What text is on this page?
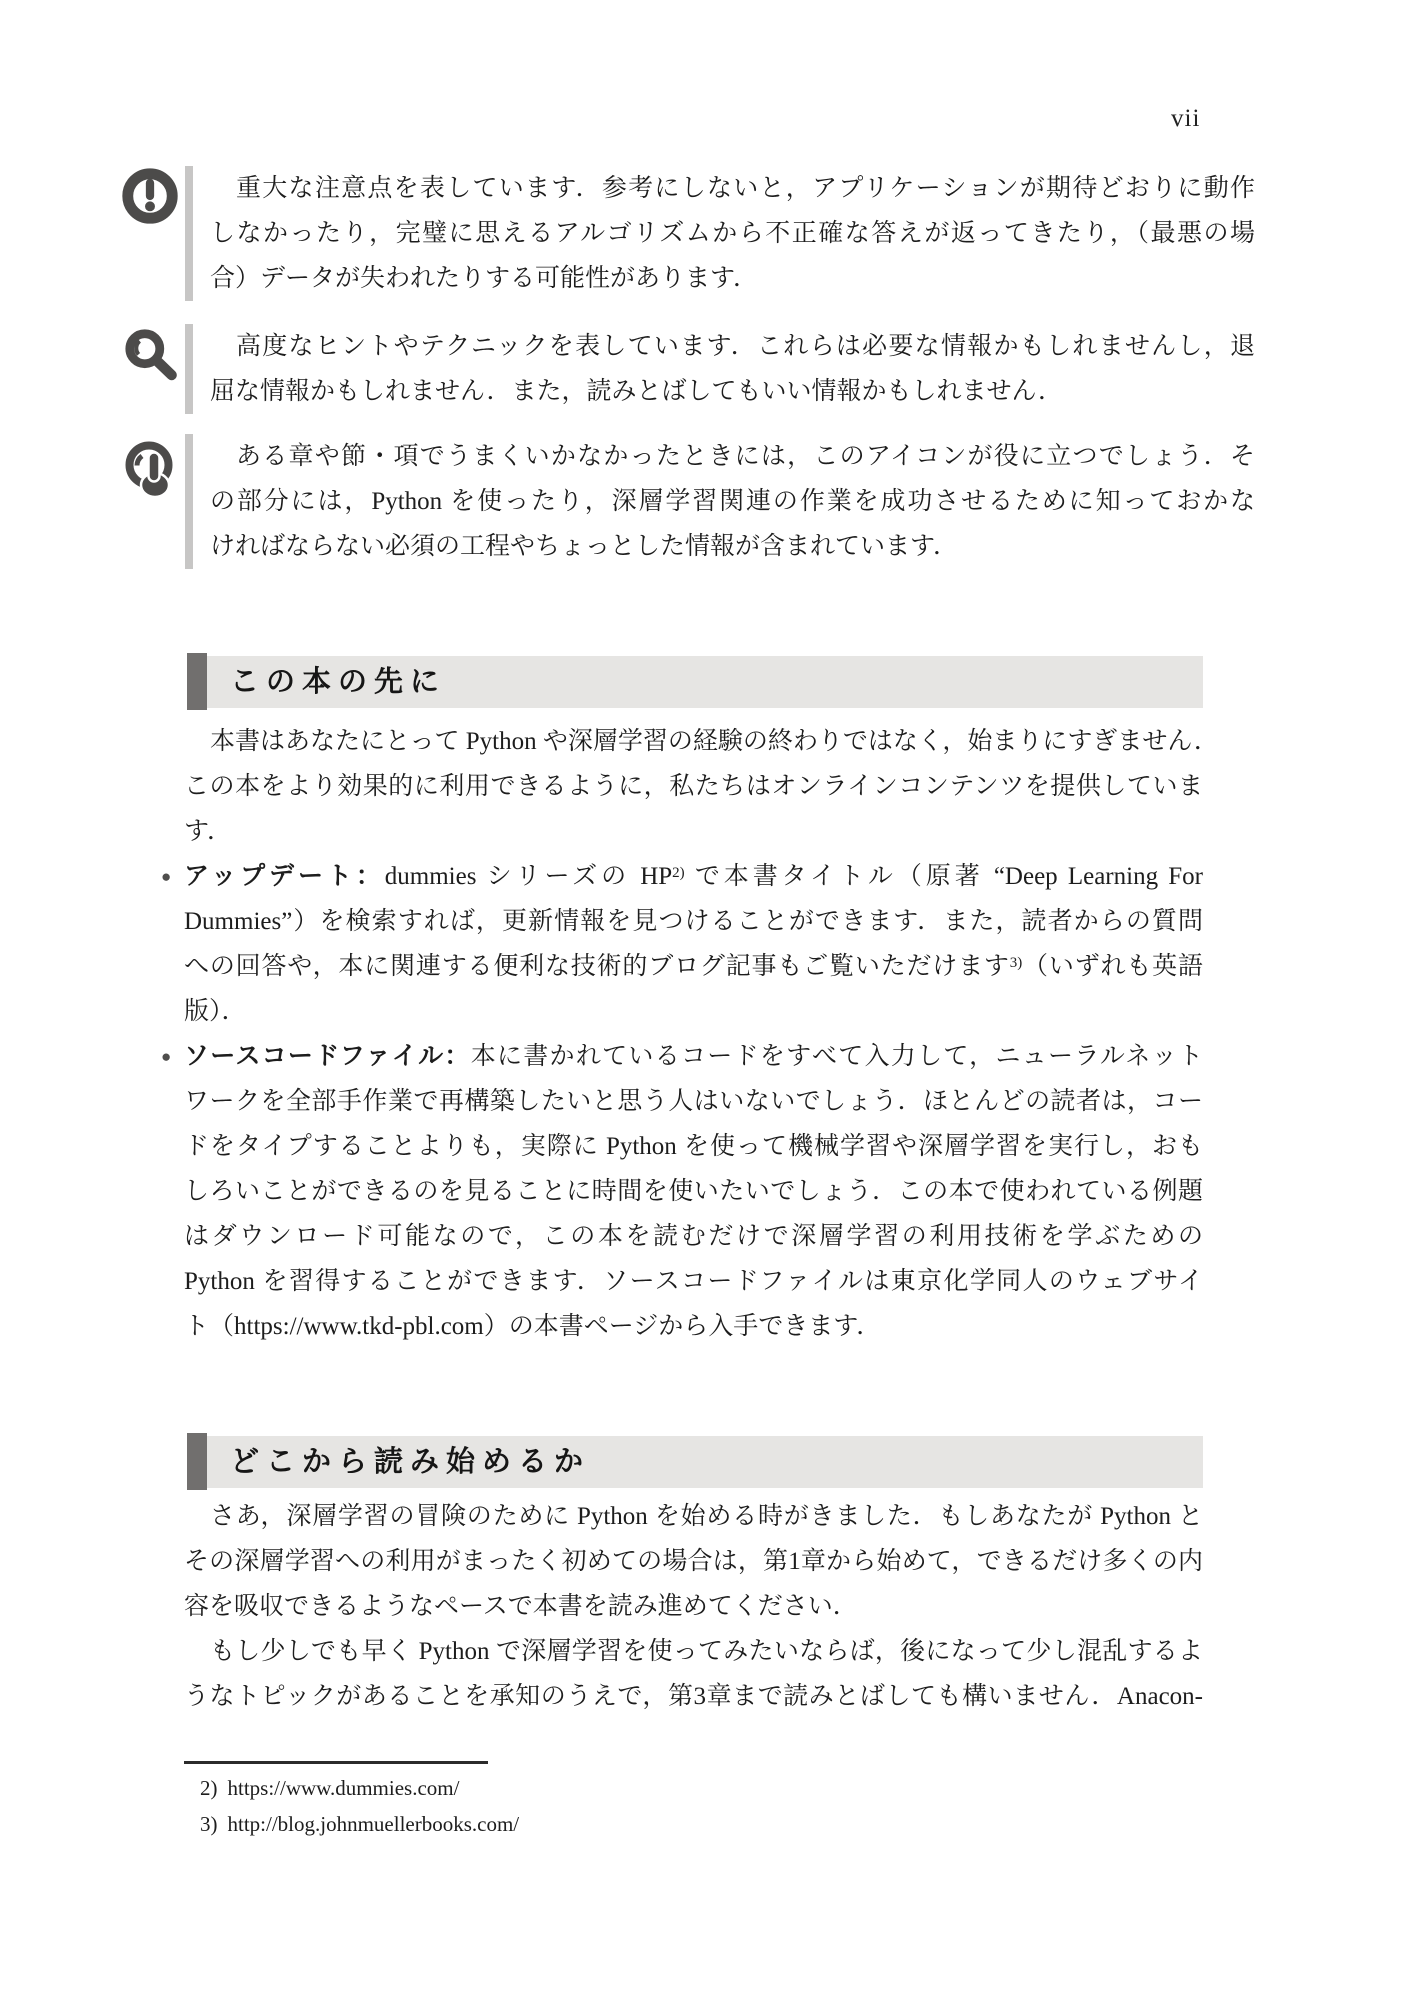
vii
重大な注意点を表しています．参考にしないと，アプリケーションが期待どおりに動作
しなかったり，完璧に思えるアルゴリズムから不正確な答えが返ってきたり，（最悪の場
合）データが失われたりする可能性があります．
高度なヒントやテクニックを表しています．これらは必要な情報かもしれませんし，退
屈な情報かもしれません．また，読みとばしてもいい情報かもしれません．
ある章や節・項でうまくいかなかったときには，このアイコンが役に立つでしょう．そ
の部分には，Python を使ったり，深層学習関連の作業を成功させるために知っておかな
ければならない必須の工程やちょっとした情報が含まれています．
この本の先に
本書はあなたにとって Python や深層学習の経験の終わりではなく，始まりにすぎません．
この本をより効果的に利用できるように，私たちはオンラインコンテンツを提供していま
す．
● アップデート：dummies シリーズの HP$^{2)}$ で本書タイトル（原著 “Deep Learning For
Dummies”）を検索すれば，更新情報を見つけることができます．また，読者からの質問
への回答や，本に関連する便利な技術的ブログ記事もご覧いただけます$^{3)}$（いずれも英語
版）．
● ソースコードファイル：本に書かれているコードをすべて入力して，ニューラルネット
ワークを全部手作業で再構築したいと思う人はいないでしょう．ほとんどの読者は，コー
ドをタイプすることよりも，実際に Python を使って機械学習や深層学習を実行し，おも
しろいことができるのを見ることに時間を使いたいでしょう．この本で使われている例題
はダウンロード可能なので，この本を読むだけで深層学習の利用技術を学ぶための
Python を習得することができます．ソースコードファイルは東京化学同人のウェブサイ
ト（https://www.tkd-pbl.com）の本書ページから入手できます．
どこから読み始めるか
さあ，深層学習の冒険のために Python を始める時がきました．もしあなたが Python と
その深層学習への利用がまったく初めての場合は，第1章から始めて，できるだけ多くの内
容を吸収できるようなペースで本書を読み進めてください．
もし少しでも早く Python で深層学習を使ってみたいならば，後になって少し混乱するよ
うなトピックがあることを承知のうえで，第3章まで読みとばしても構いません．Anacon-
2) https://www.dummies.com/
3) http://blog.johnmuellerbooks.com/
